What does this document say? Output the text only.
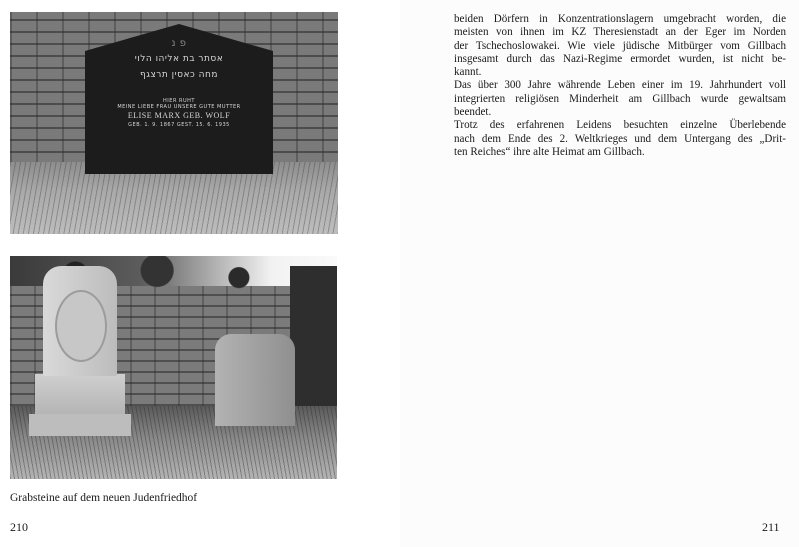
פ נ
אסתר בת אליהו הלוי
מחה כאסין תרצגף
HIER RUHT
MEINE LIEBE FRAU UNSERE GUTE MUTTER
ELISE MARX GEB. WOLF
GEB. 1. 9. 1867 GEST. 15. 6. 1935
Grabsteine auf dem neuen Judenfriedhof
210

beiden Dörfern in Konzentrationslagern umgebracht worden, die
meisten von ihnen im KZ Theresienstadt an der Eger im Norden
der Tschechoslowakei. Wie viele jüdische Mitbürger vom Gillbach
insgesamt durch das Nazi-Regime ermordet wurden, ist nicht be-
kannt.

Das über 300 Jahre währende Leben einer im 19. Jahrhundert voll
integrierten religiösen Minderheit am Gillbach wurde gewaltsam
beendet.

Trotz des erfahrenen Leidens besuchten einzelne Überlebende
nach dem Ende des 2. Weltkrieges und dem Untergang des „Drit-
ten Reiches“ ihre alte Heimat am Gillbach.

211
